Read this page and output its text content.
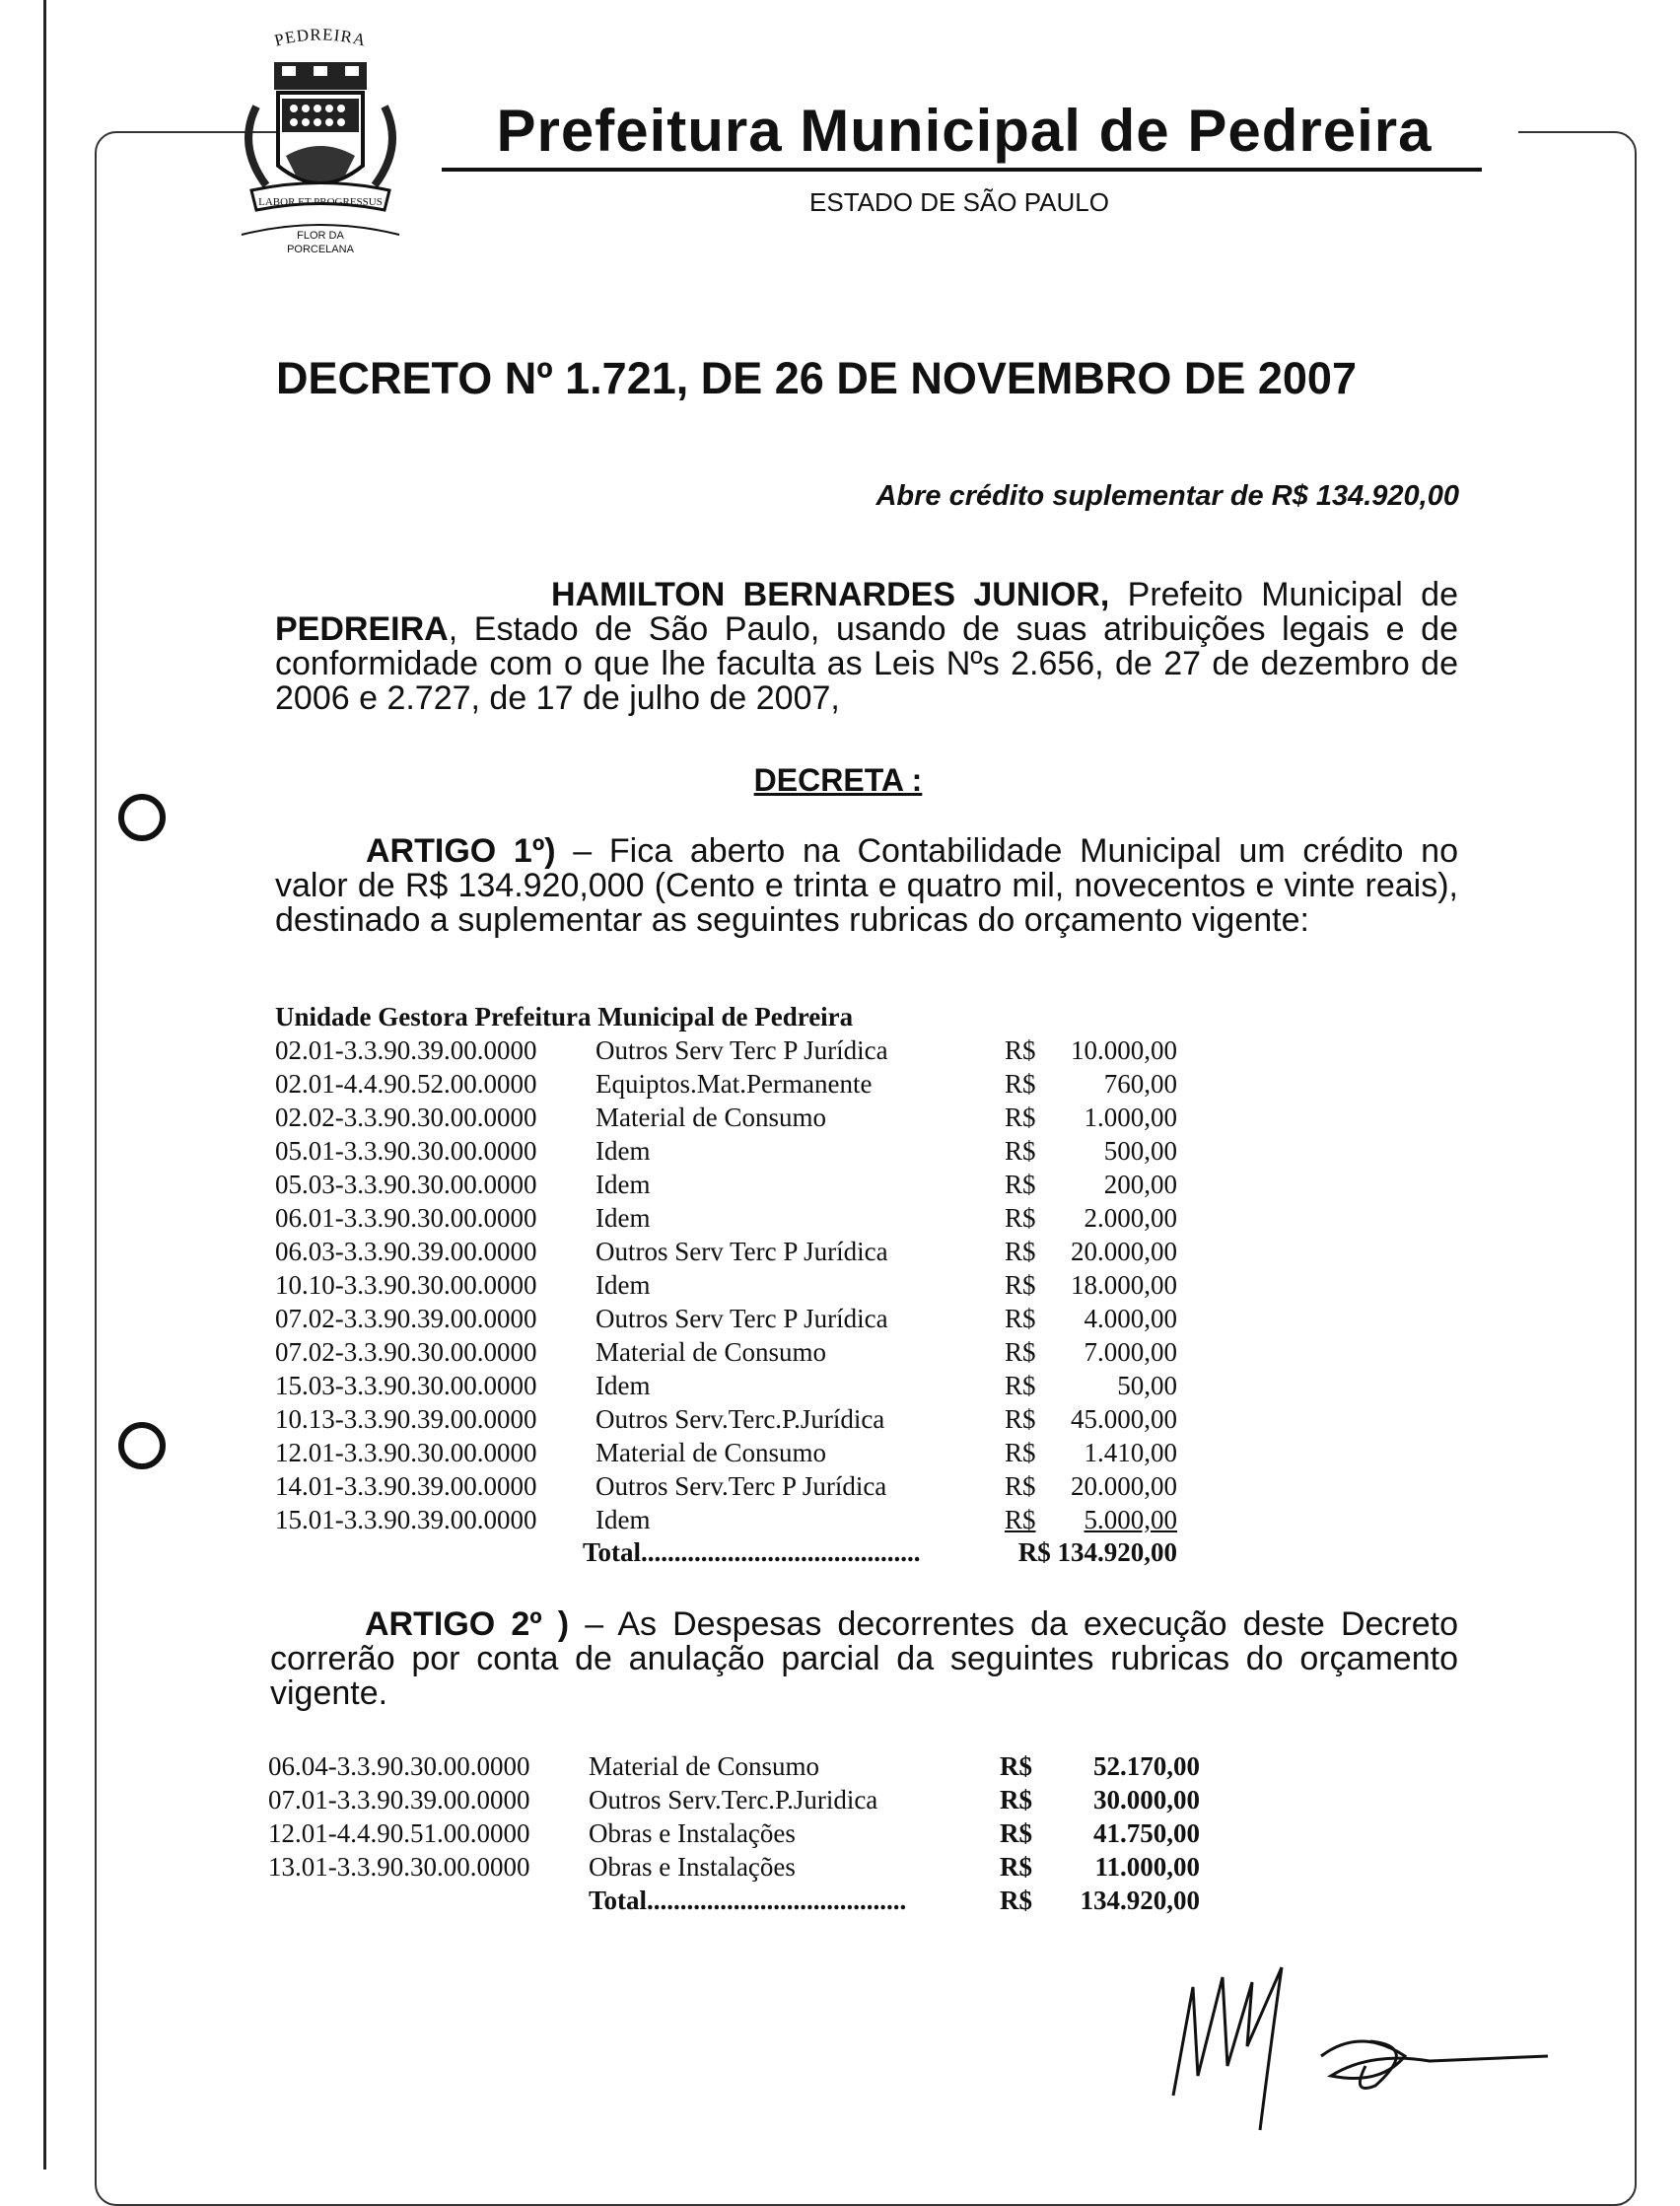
PEDREIRA
LABOR ET PROGRESSUS
FLOR DA
PORCELANA
Prefeitura Municipal de Pedreira
ESTADO DE SÃO PAULO
DECRETO Nº 1.721, DE 26 DE NOVEMBRO DE 2007
Abre crédito suplementar de R$ 134.920,00
HAMILTON BERNARDES JUNIOR, Prefeito Municipal de PEDREIRA, Estado de São Paulo, usando de suas atribuições legais e de conformidade com o que lhe faculta as Leis Nºs 2.656, de 27 de dezembro de 2006 e 2.727, de 17 de julho de 2007,
DECRETA :
ARTIGO 1º) – Fica aberto na Contabilidade Municipal um crédito no valor de R$ 134.920,000 (Cento e trinta e quatro mil, novecentos e vinte reais), destinado a suplementar as seguintes rubricas do orçamento vigente:
Unidade Gestora Prefeitura Municipal de Pedreira
02.01-3.3.90.39.00.0000 Outros Serv Terc P Jurídica	R$	10.000,00
02.01-4.4.90.52.00.0000 Equiptos.Mat.Permanente	R$	760,00
02.02-3.3.90.30.00.0000 Material de Consumo	R$	1.000,00
05.01-3.3.90.30.00.0000 Idem	R$	500,00
05.03-3.3.90.30.00.0000 Idem	R$	200,00
06.01-3.3.90.30.00.0000 Idem	R$	2.000,00
06.03-3.3.90.39.00.0000 Outros Serv Terc P Jurídica	R$	20.000,00
10.10-3.3.90.30.00.0000 Idem	R$	18.000,00
07.02-3.3.90.39.00.0000 Outros Serv Terc P Jurídica	R$	4.000,00
07.02-3.3.90.30.00.0000 Material de Consumo	R$	7.000,00
15.03-3.3.90.30.00.0000 Idem	R$	50,00
10.13-3.3.90.39.00.0000 Outros Serv.Terc.P.Jurídica	R$	45.000,00
12.01-3.3.90.30.00.0000 Material de Consumo	R$	1.410,00
14.01-3.3.90.39.00.0000 Outros Serv.Terc P Jurídica	R$	20.000,00
15.01-3.3.90.39.00.0000 Idem	R$	5.000,00
Total..........................................	R$ 134.920,00
ARTIGO 2º ) – As Despesas decorrentes da execução deste Decreto correrão por conta de anulação parcial da seguintes rubricas do orçamento vigente.
06.04-3.3.90.30.00.0000 Material de Consumo	R$	52.170,00
07.01-3.3.90.39.00.0000 Outros Serv.Terc.P.Juridica	R$	30.000,00
12.01-4.4.90.51.00.0000 Obras e Instalações	R$	41.750,00
13.01-3.3.90.30.00.0000 Obras e Instalações	R$	11.000,00
Total.......................................	R$	134.920,00
